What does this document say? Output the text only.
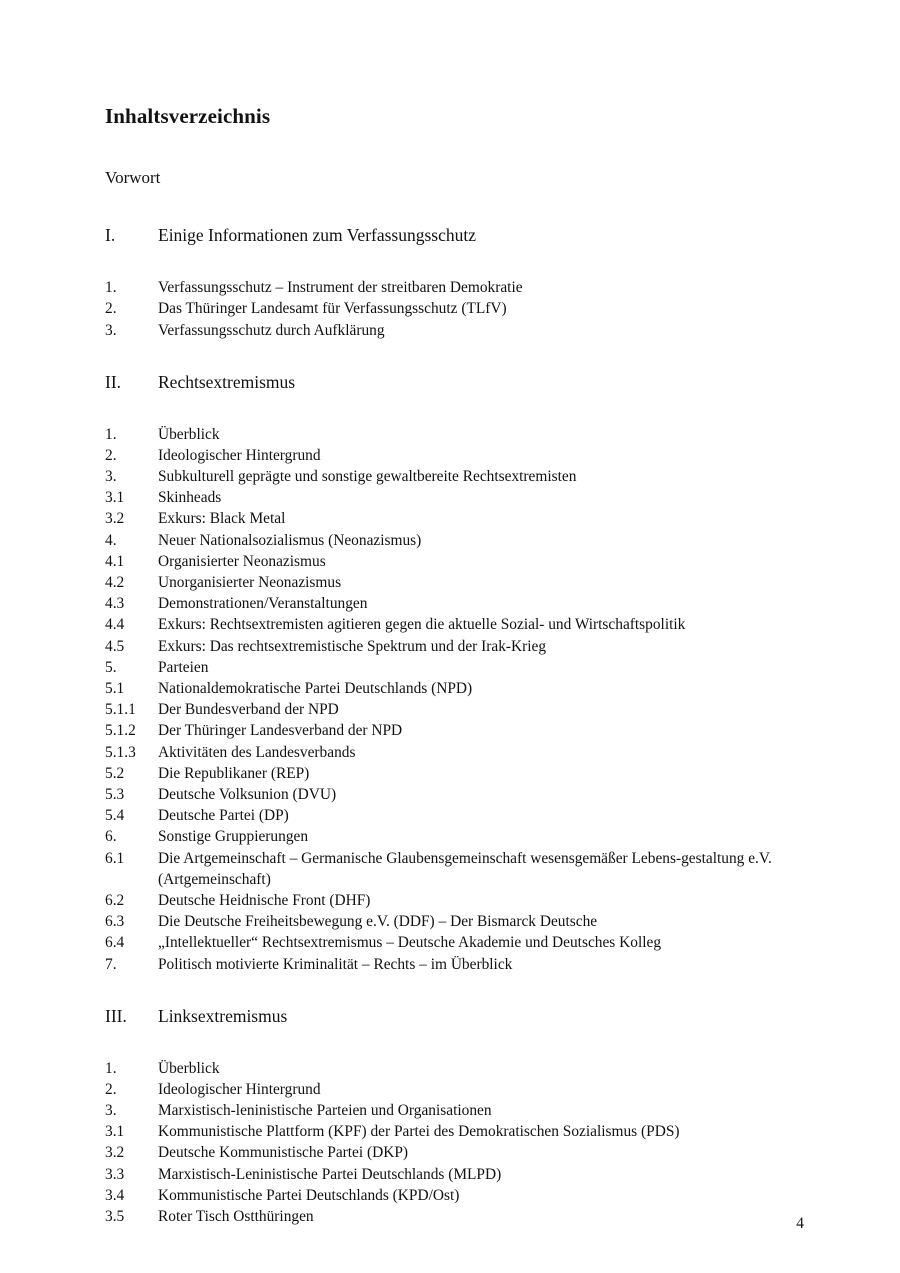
Inhaltsverzeichnis

Vorwort

I.	Einige Informationen zum Verfassungsschutz
1.	Verfassungsschutz – Instrument der streitbaren Demokratie
2.	Das Thüringer Landesamt für Verfassungsschutz (TLfV)
3.	Verfassungsschutz durch Aufklärung
II.	Rechtsextremismus
1.	Überblick
2.	Ideologischer Hintergrund
3.	Subkulturell geprägte und sonstige gewaltbereite Rechtsextremisten
3.1	Skinheads
3.2	Exkurs: Black Metal
4.	Neuer Nationalsozialismus (Neonazismus)
4.1	Organisierter Neonazismus
4.2	Unorganisierter Neonazismus
4.3	Demonstrationen/Veranstaltungen
4.4	Exkurs: Rechtsextremisten agitieren gegen die aktuelle Sozial- und Wirtschaftspolitik
4.5	Exkurs: Das rechtsextremistische Spektrum und der Irak-Krieg
5.	Parteien
5.1	Nationaldemokratische Partei Deutschlands (NPD)
5.1.1	Der Bundesverband der NPD
5.1.2	Der Thüringer Landesverband der NPD
5.1.3	Aktivitäten des Landesverbands
5.2	Die Republikaner (REP)
5.3	Deutsche Volksunion (DVU)
5.4	Deutsche Partei (DP)
6.	Sonstige Gruppierungen
6.1	Die Artgemeinschaft – Germanische Glaubensgemeinschaft wesensgemäßer Lebens-gestaltung e.V. (Artgemeinschaft)
6.2	Deutsche Heidnische Front (DHF)
6.3	Die Deutsche Freiheitsbewegung e.V. (DDF) – Der Bismarck Deutsche
6.4	„Intellektueller“ Rechtsextremismus – Deutsche Akademie und Deutsches Kolleg
7.	Politisch motivierte Kriminalität – Rechts – im Überblick
III.	Linksextremismus
1.	Überblick
2.	Ideologischer Hintergrund
3.	Marxistisch-leninistische Parteien und Organisationen
3.1	Kommunistische Plattform (KPF) der Partei des Demokratischen Sozialismus (PDS)
3.2	Deutsche Kommunistische Partei (DKP)
3.3	Marxistisch-Leninistische Partei Deutschlands (MLPD)
3.4	Kommunistische Partei Deutschlands (KPD/Ost)
3.5	Roter Tisch Ostthüringen	4
